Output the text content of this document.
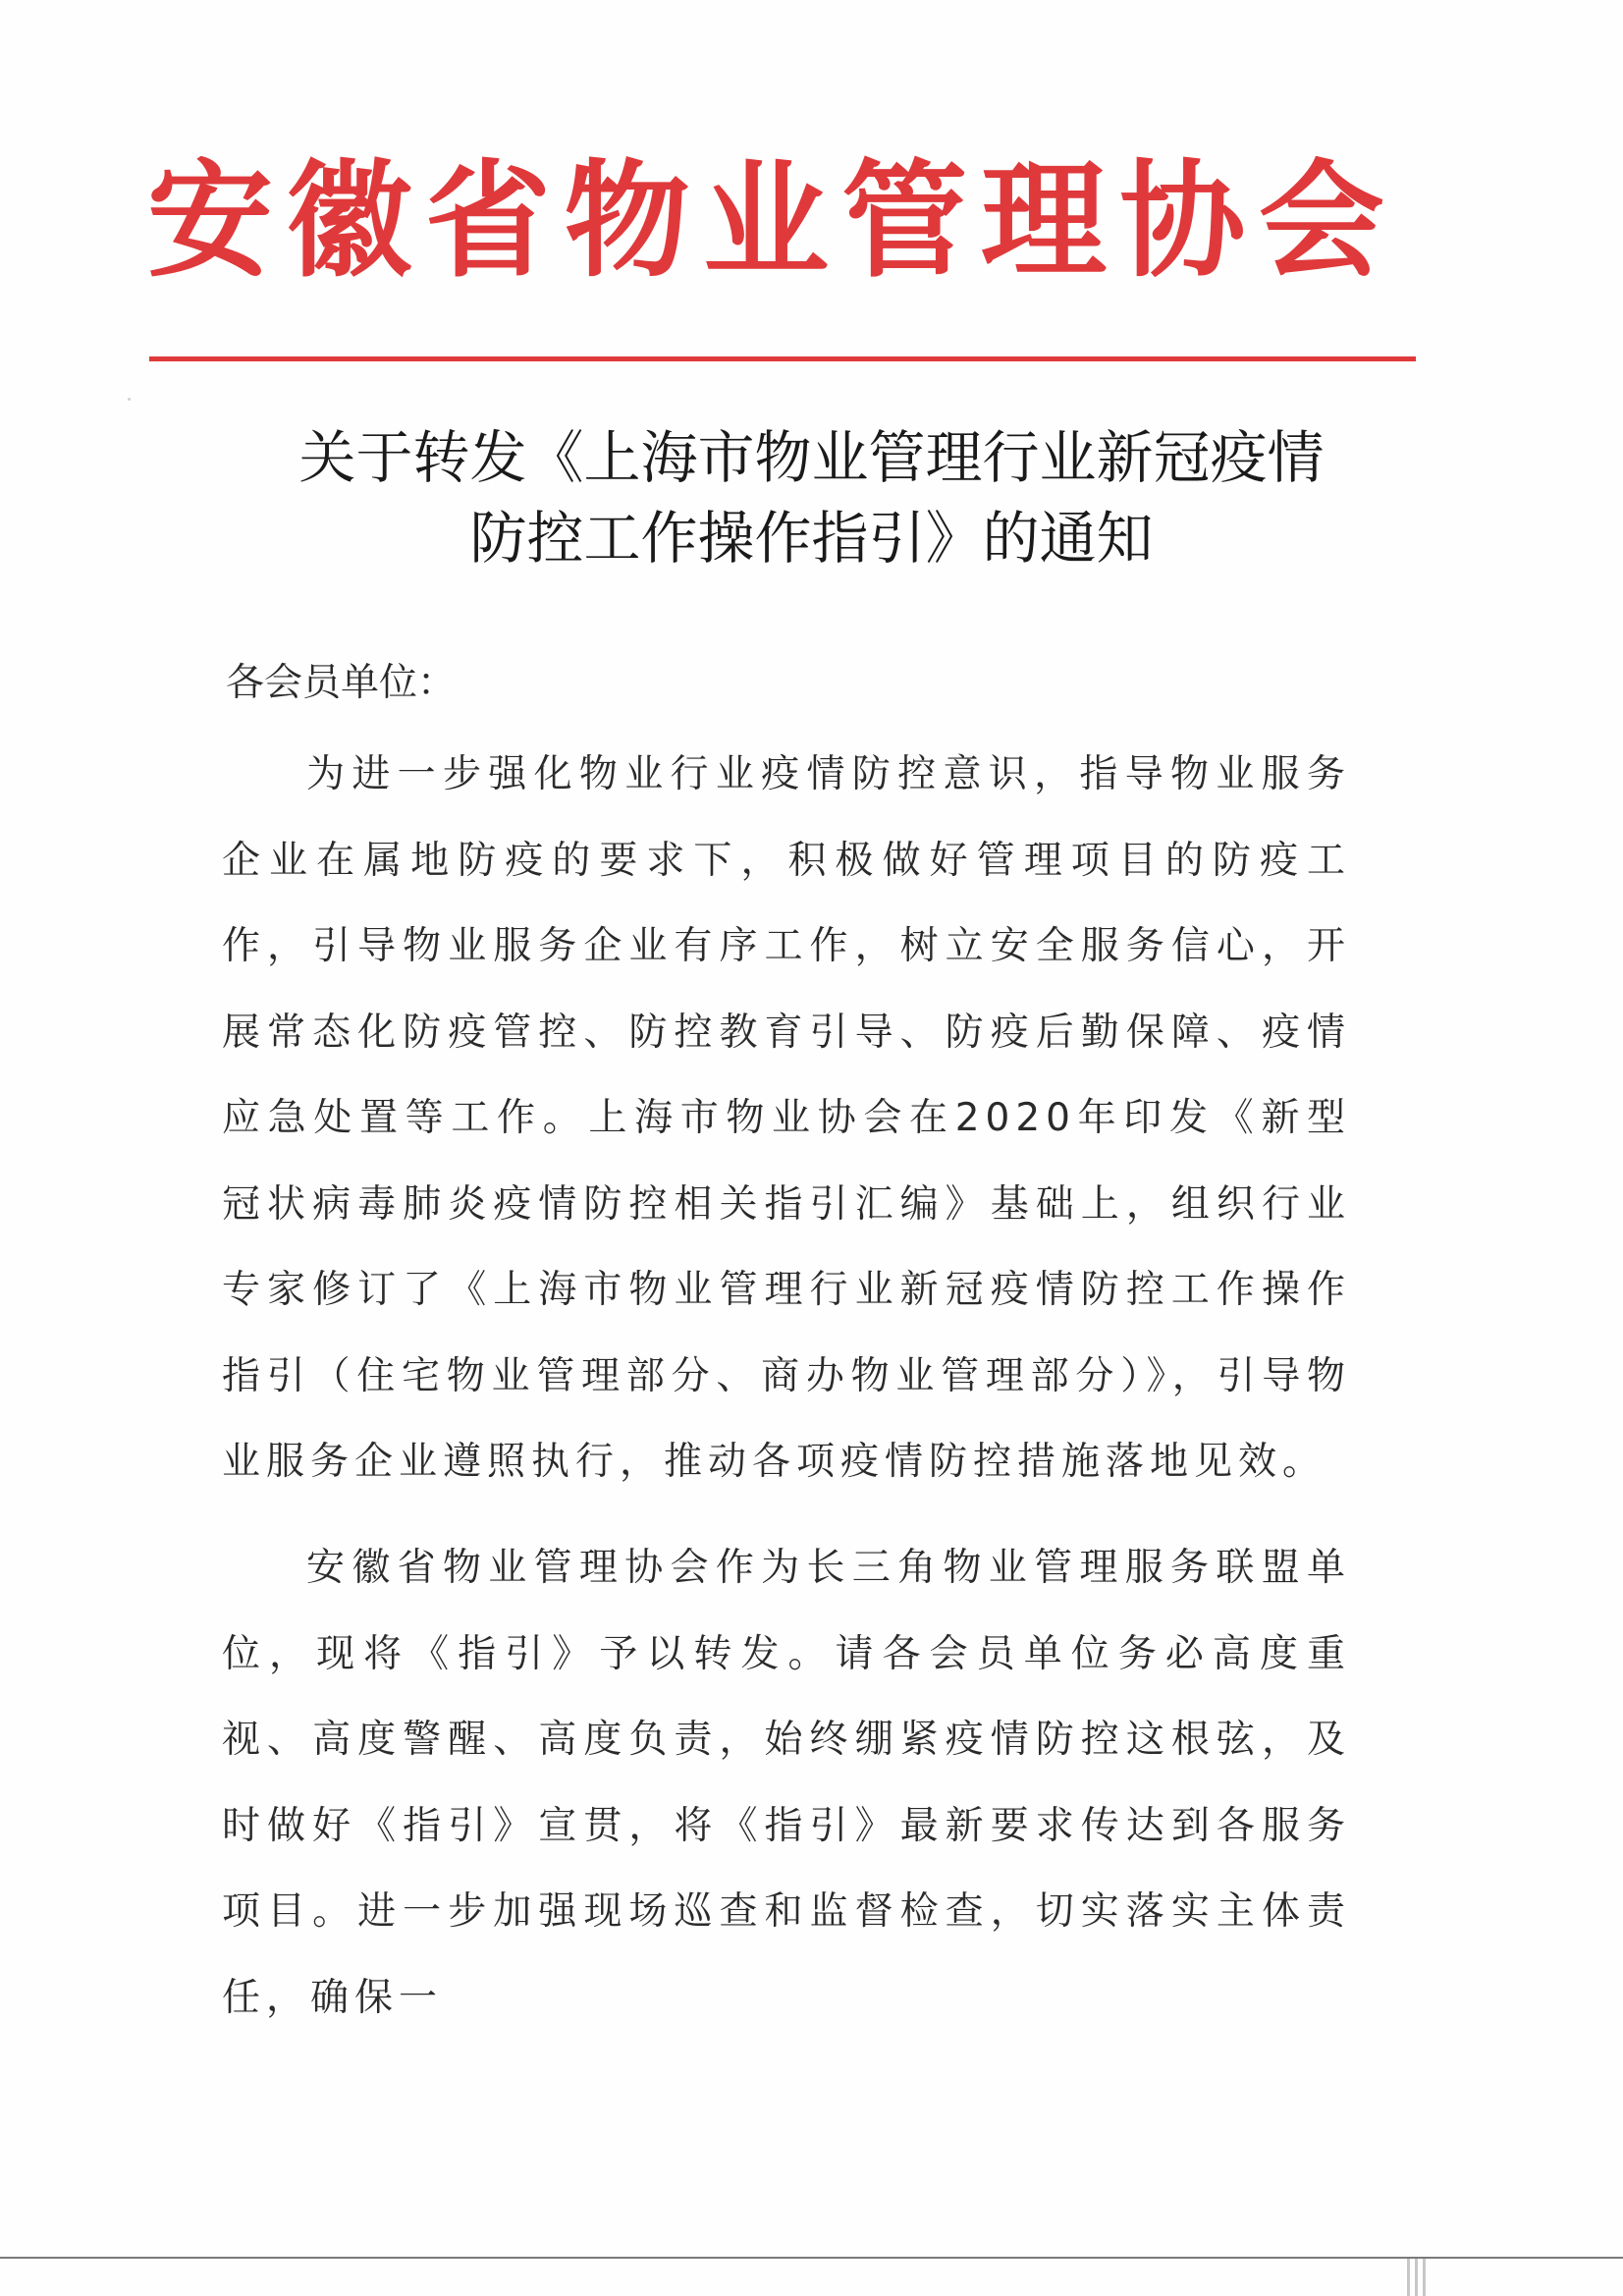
安 徽 省 物 业 管 理 协 会
关于转发《上海市物业管理行业新冠疫情
防控工作操作指引》的通知
各会员单位：

为进一步强化物业行业疫情防控意识，指导物业服务企业在属地防疫的要求下，积极做好管理项目的防疫工作，引导物业服务企业有序工作，树立安全服务信心，开展常态化防疫管控、防控教育引导、防疫后勤保障、疫情应急处置等工作。上海市物业协会在2020年印发《新型冠状病毒肺炎疫情防控相关指引汇编》基础上，组织行业专家修订了《上海市物业管理行业新冠疫情防控工作操作指引（住宅物业管理部分、商办物业管理部分）》，引导物业服务企业遵照执行，推动各项疫情防控措施落地见效。

安徽省物业管理协会作为长三角物业管理服务联盟单位，现将《指引》予以转发。请各会员单位务必高度重视、高度警醒、高度负责，始终绷紧疫情防控这根弦，及时做好《指引》宣贯，将《指引》最新要求传达到各服务项目。进一步加强现场巡查和监督检查，切实落实主体责任，确保一
